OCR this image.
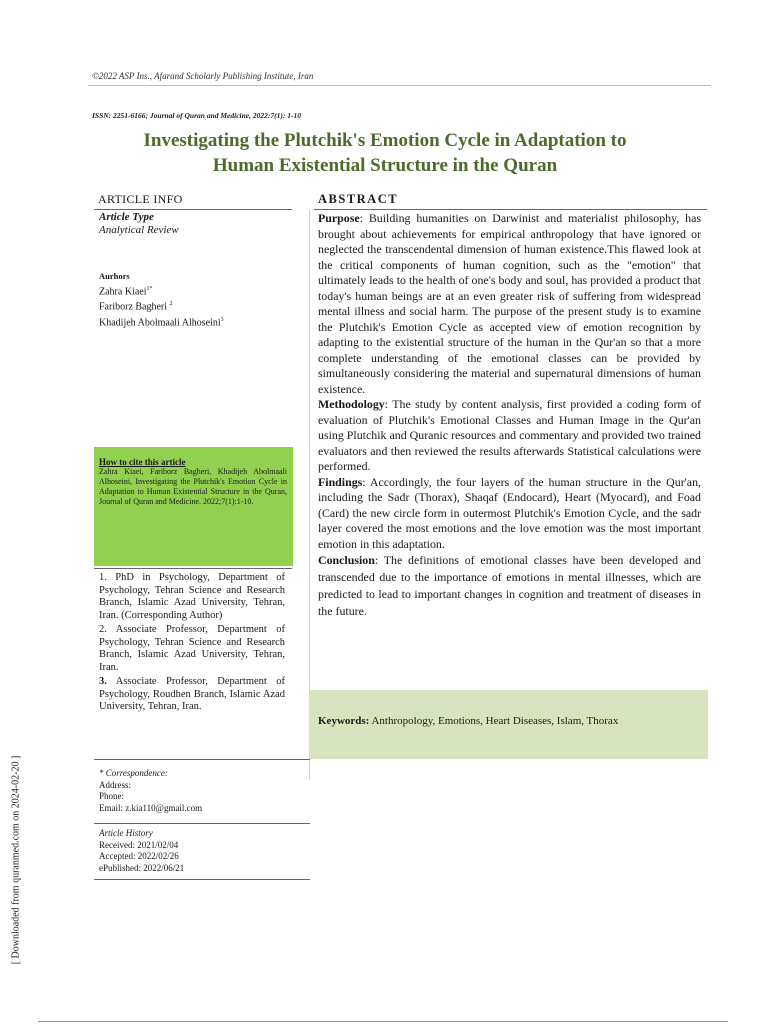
©2022 ASP Ins., Afarand Scholarly Publishing Institute, Iran
ISSN: 2251-6166; Journal of Quran and Medicine, 2022:7(1): 1-10
Investigating the Plutchik's Emotion Cycle in Adaptation to
Human Existential Structure in the Quran
ARTICLE INFO	ABSTRACT
Article Type
Analytical Review
Aurhors
Zahra Kiaei$^{1*}$
Fariborz Bagheri $^2$
Khadijeh Abolmaali Alhoseini$^3$
How to cite this article
Zahra Kiaei, Fariborz Bagheri, Khadijeh Abolmaali Alhoseini, Investigating the Plutchik's Emotion Cycle in Adaptation to Human Existential Structure in the Quran, Journal of Quran and Medicine. 2022;7(1):1-10.

1. PhD in Psychology, Department of Psychology, Tehran Science and Research Branch, Islamic Azad University, Tehran, Iran. (Corresponding Author)

2. Associate Professor, Department of Psychology, Tehran Science and Research Branch, Islamic Azad University, Tehran, Iran.

3. Associate Professor, Department of Psychology, Roudhen Branch, Islamic Azad University, Tehran, Iran.

* Correspondence:
Address:
Phone:
Email: z.kia110@gmail.com
Article History
Received: 2021/02/04
Accepted: 2022/02/26
ePublished: 2022/06/21

Purpose: Building humanities on Darwinist and materialist philosophy, has brought about achievements for empirical anthropology that have ignored or neglected the transcendental dimension of human existence.This flawed look at the critical components of human cognition, such as the "emotion" that ultimately leads to the health of one's body and soul, has provided a product that today's human beings are at an even greater risk of suffering from widespread mental illness and social harm. The purpose of the present study is to examine the Plutchik's Emotion Cycle as accepted view of emotion recognition by adapting to the existential structure of the human in the Qur'an so that a more complete understanding of the emotional classes can be provided by simultaneously considering the material and supernatural dimensions of human existence.

Methodology: The study by content analysis, first provided a coding form of evaluation of Plutchik's Emotional Classes and Human Image in the Qur'an using Plutchik and Quranic resources and commentary and provided two trained evaluators and then reviewed the results afterwards Statistical calculations were performed.

Findings: Accordingly, the four layers of the human structure in the Qur'an, including the Sadr (Thorax), Shaqaf (Endocard), Heart (Myocard), and Foad (Card) the new circle form in outermost Plutchik's Emotion Cycle, and the sadr layer covered the most emotions and the love emotion was the most important emotion in this adaptation.

Conclusion: The definitions of emotional classes have been developed and transcended due to the importance of emotions in mental illnesses, which are predicted to lead to important changes in cognition and treatment of diseases in the future.

Keywords: Anthropology, Emotions, Heart Diseases, Islam, Thorax
[ Downloaded from quranmed.com on 2024-02-20 ]
